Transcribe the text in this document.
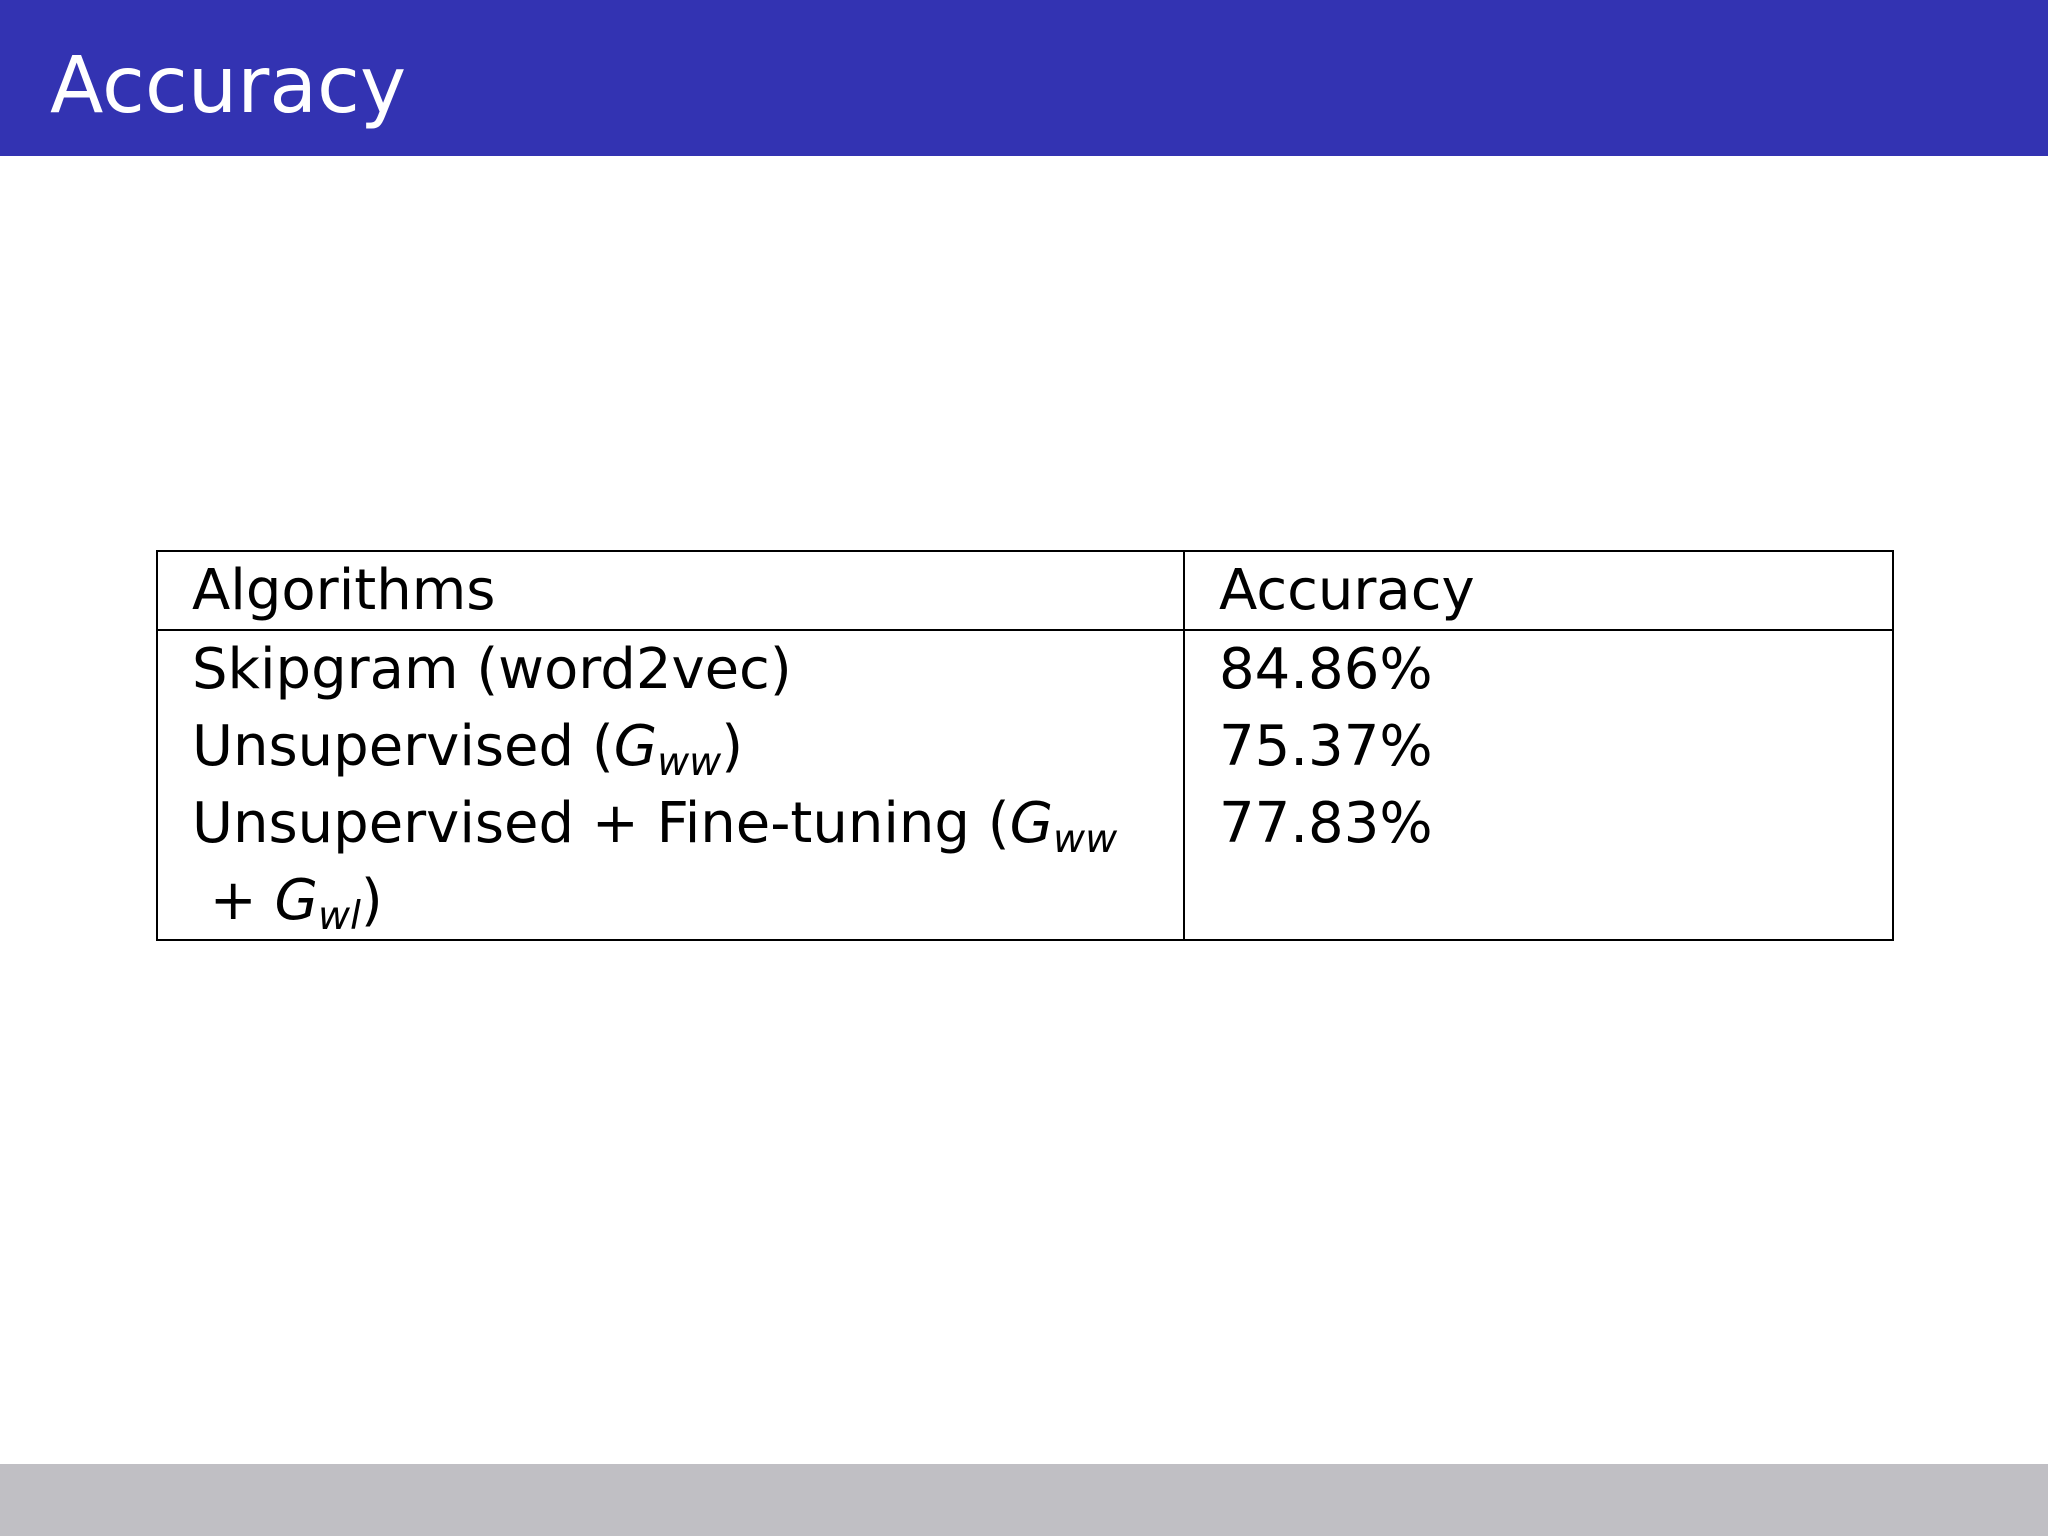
Accuracy
Algorithms	Accuracy
Skipgram (word2vec)	84.86%
Unsupervised (Gww)	75.37%
Unsupervised + Fine-tuning (Gww + Gwl)	77.83%
